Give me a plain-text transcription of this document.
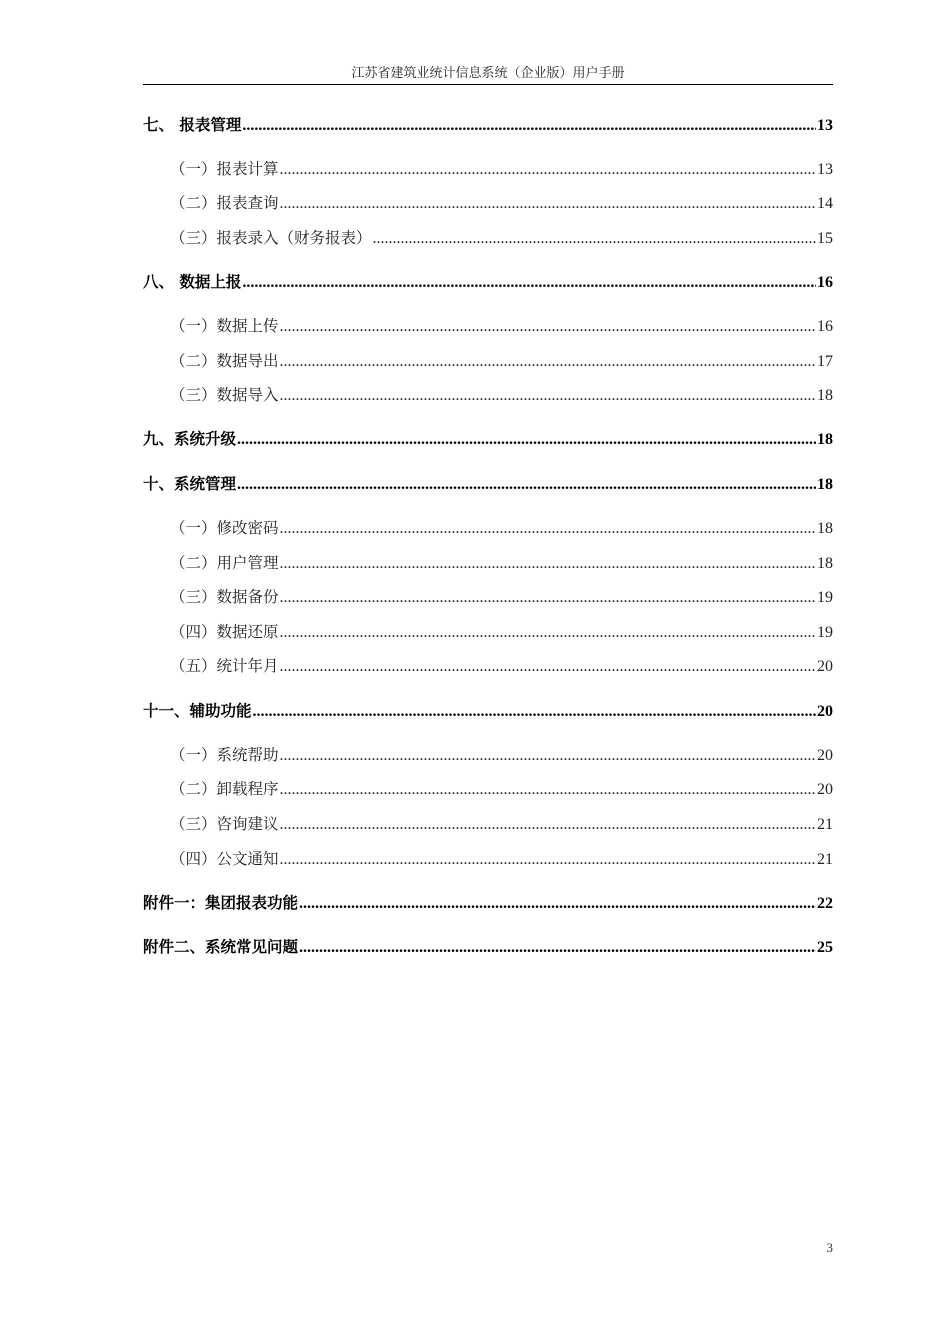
江苏省建筑业统计信息系统（企业版）用户手册
七、 报表管理 .....	13
（一）报表计算 .....	13
（二）报表查询 .....	14
（三）报表录入（财务报表） .....	15
八、 数据上报 .....	16
（一）数据上传 .....	16
（二）数据导出 .....	17
（三）数据导入 .....	18
九、系统升级 .....	18
十、系统管理 .....	18
（一）修改密码 .....	18
（二）用户管理 .....	18
（三）数据备份 .....	19
（四）数据还原 .....	19
（五）统计年月 .....	20
十一、辅助功能 .....	20
（一）系统帮助 .....	20
（二）卸载程序 .....	20
（三）咨询建议 .....	21
（四）公文通知 .....	21
附件一：集团报表功能 .....	22
附件二、系统常见问题 .....	25
3
